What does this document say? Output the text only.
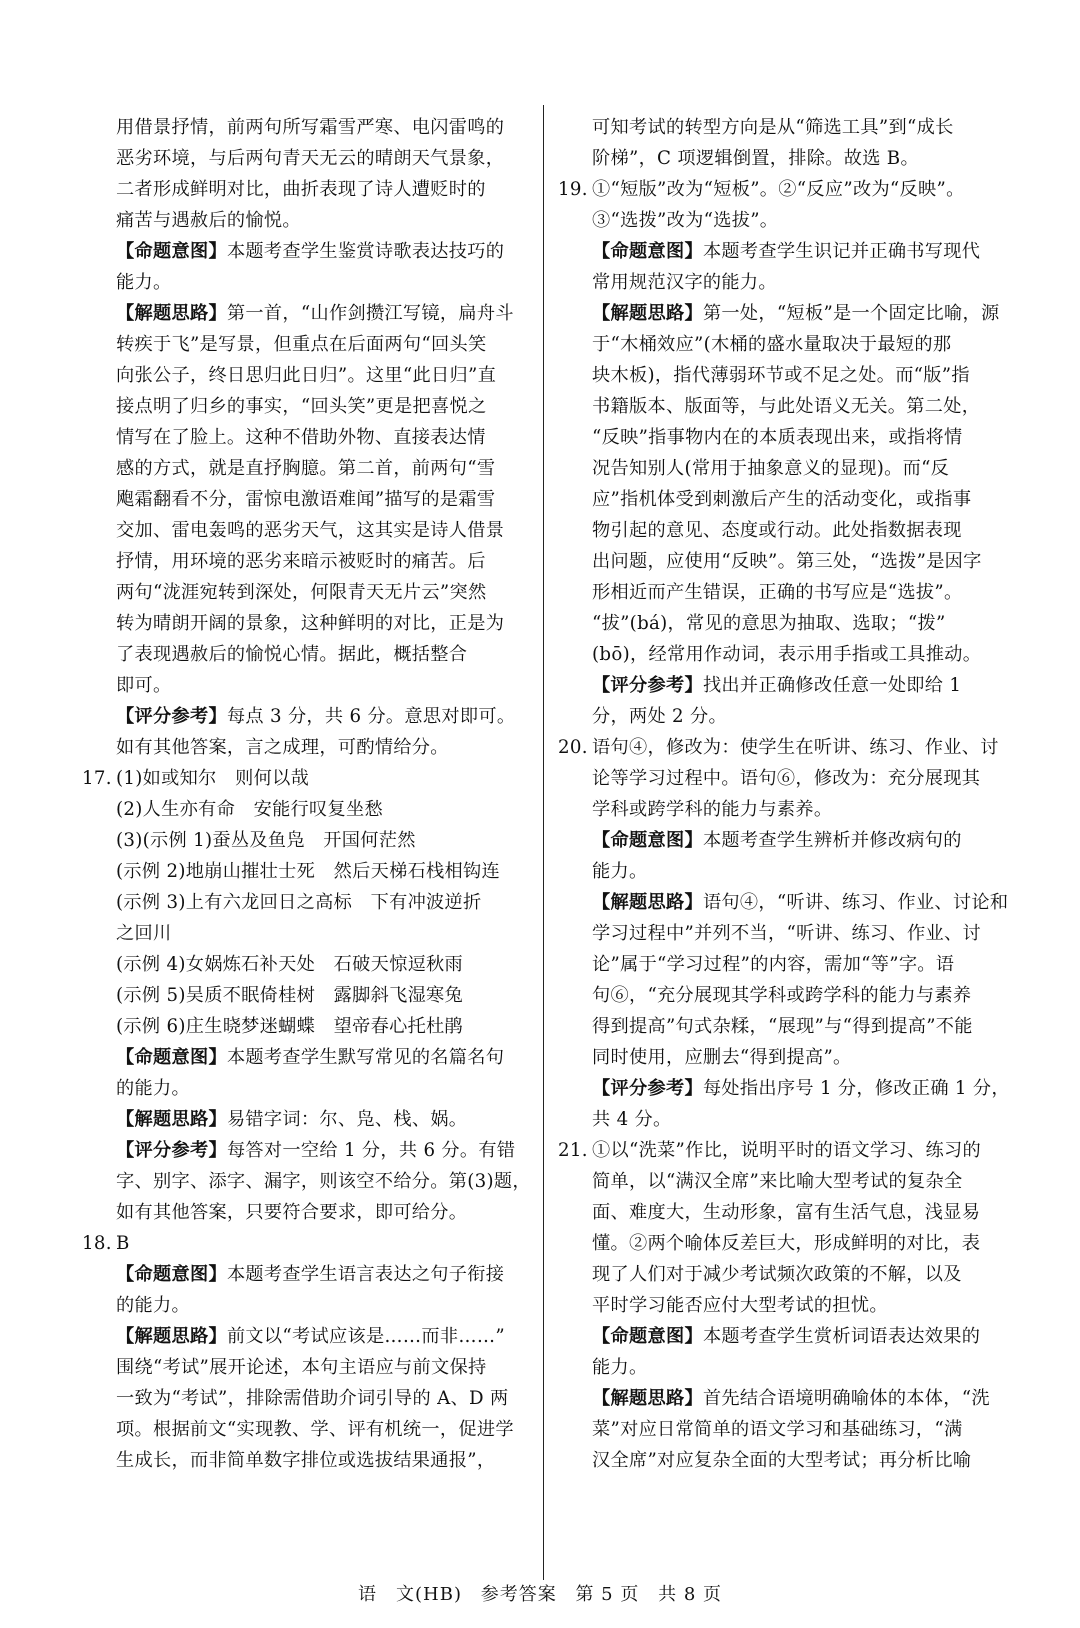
用借景抒情，前两句所写霜雪严寒、电闪雷鸣的
恶劣环境，与后两句青天无云的晴朗天气景象，
二者形成鲜明对比，曲折表现了诗人遭贬时的
痛苦与遇赦后的愉悦。
【命题意图】本题考查学生鉴赏诗歌表达技巧的
能力。
【解题思路】第一首，“山作剑攒江写镜，扁舟斗
转疾于飞”是写景，但重点在后面两句“回头笑
向张公子，终日思归此日归”。这里“此日归”直
接点明了归乡的事实，“回头笑”更是把喜悦之
情写在了脸上。这种不借助外物、直接表达情
感的方式，就是直抒胸臆。第二首，前两句“雪
飑霜翻看不分，雷惊电激语难闻”描写的是霜雪
交加、雷电轰鸣的恶劣天气，这其实是诗人借景
抒情，用环境的恶劣来暗示被贬时的痛苦。后
两句“泷涯宛转到深处，何限青天无片云”突然
转为晴朗开阔的景象，这种鲜明的对比，正是为
了表现遇赦后的愉悦心情。据此，概括整合
即可。
【评分参考】每点 3 分，共 6 分。意思对即可。
如有其他答案，言之成理，可酌情给分。
17. (1)如或知尔　则何以哉
(2)人生亦有命　安能行叹复坐愁
(3)(示例 1)蚕丛及鱼凫　开国何茫然
(示例 2)地崩山摧壮士死　然后天梯石栈相钩连
(示例 3)上有六龙回日之高标　下有冲波逆折
之回川
(示例 4)女娲炼石补天处　石破天惊逗秋雨
(示例 5)吴质不眠倚桂树　露脚斜飞湿寒兔
(示例 6)庄生晓梦迷蝴蝶　望帝春心托杜鹃
【命题意图】本题考查学生默写常见的名篇名句
的能力。
【解题思路】易错字词：尔、凫、栈、娲。
【评分参考】每答对一空给 1 分，共 6 分。有错
字、别字、添字、漏字，则该空不给分。第(3)题，
如有其他答案，只要符合要求，即可给分。
18. B
【命题意图】本题考查学生语言表达之句子衔接
的能力。
【解题思路】前文以“考试应该是……而非……”
围绕“考试”展开论述，本句主语应与前文保持
一致为“考试”，排除需借助介词引导的 A、D 两
项。根据前文“实现教、学、评有机统一，促进学
生成长，而非简单数字排位或选拔结果通报”，
可知考试的转型方向是从“筛选工具”到“成长
阶梯”，C 项逻辑倒置，排除。故选 B。
19. ①“短版”改为“短板”。②“反应”改为“反映”。
③“选拨”改为“选拔”。
【命题意图】本题考查学生识记并正确书写现代
常用规范汉字的能力。
【解题思路】第一处，“短板”是一个固定比喻，源
于“木桶效应”(木桶的盛水量取决于最短的那
块木板)，指代薄弱环节或不足之处。而“版”指
书籍版本、版面等，与此处语义无关。第二处，
“反映”指事物内在的本质表现出来，或指将情
况告知别人(常用于抽象意义的显现)。而“反
应”指机体受到刺激后产生的活动变化，或指事
物引起的意见、态度或行动。此处指数据表现
出问题，应使用“反映”。第三处，“选拨”是因字
形相近而产生错误，正确的书写应是“选拔”。
“拔”(bá)，常见的意思为抽取、选取；“拨”
(bō)，经常用作动词，表示用手指或工具推动。
【评分参考】找出并正确修改任意一处即给 1
分，两处 2 分。
20. 语句④，修改为：使学生在听讲、练习、作业、讨
论等学习过程中。语句⑥，修改为：充分展现其
学科或跨学科的能力与素养。
【命题意图】本题考查学生辨析并修改病句的
能力。
【解题思路】语句④，“听讲、练习、作业、讨论和
学习过程中”并列不当，“听讲、练习、作业、讨
论”属于“学习过程”的内容，需加“等”字。语
句⑥，“充分展现其学科或跨学科的能力与素养
得到提高”句式杂糅，“展现”与“得到提高”不能
同时使用，应删去“得到提高”。
【评分参考】每处指出序号 1 分，修改正确 1 分，
共 4 分。
21. ①以“洗菜”作比，说明平时的语文学习、练习的
简单，以“满汉全席”来比喻大型考试的复杂全
面、难度大，生动形象，富有生活气息，浅显易
懂。②两个喻体反差巨大，形成鲜明的对比，表
现了人们对于减少考试频次政策的不解，以及
平时学习能否应付大型考试的担忧。
【命题意图】本题考查学生赏析词语表达效果的
能力。
【解题思路】首先结合语境明确喻体的本体，“洗
菜”对应日常简单的语文学习和基础练习，“满
汉全席”对应复杂全面的大型考试；再分析比喻
语　文(HB) 参考答案 第 5 页 共 8 页
